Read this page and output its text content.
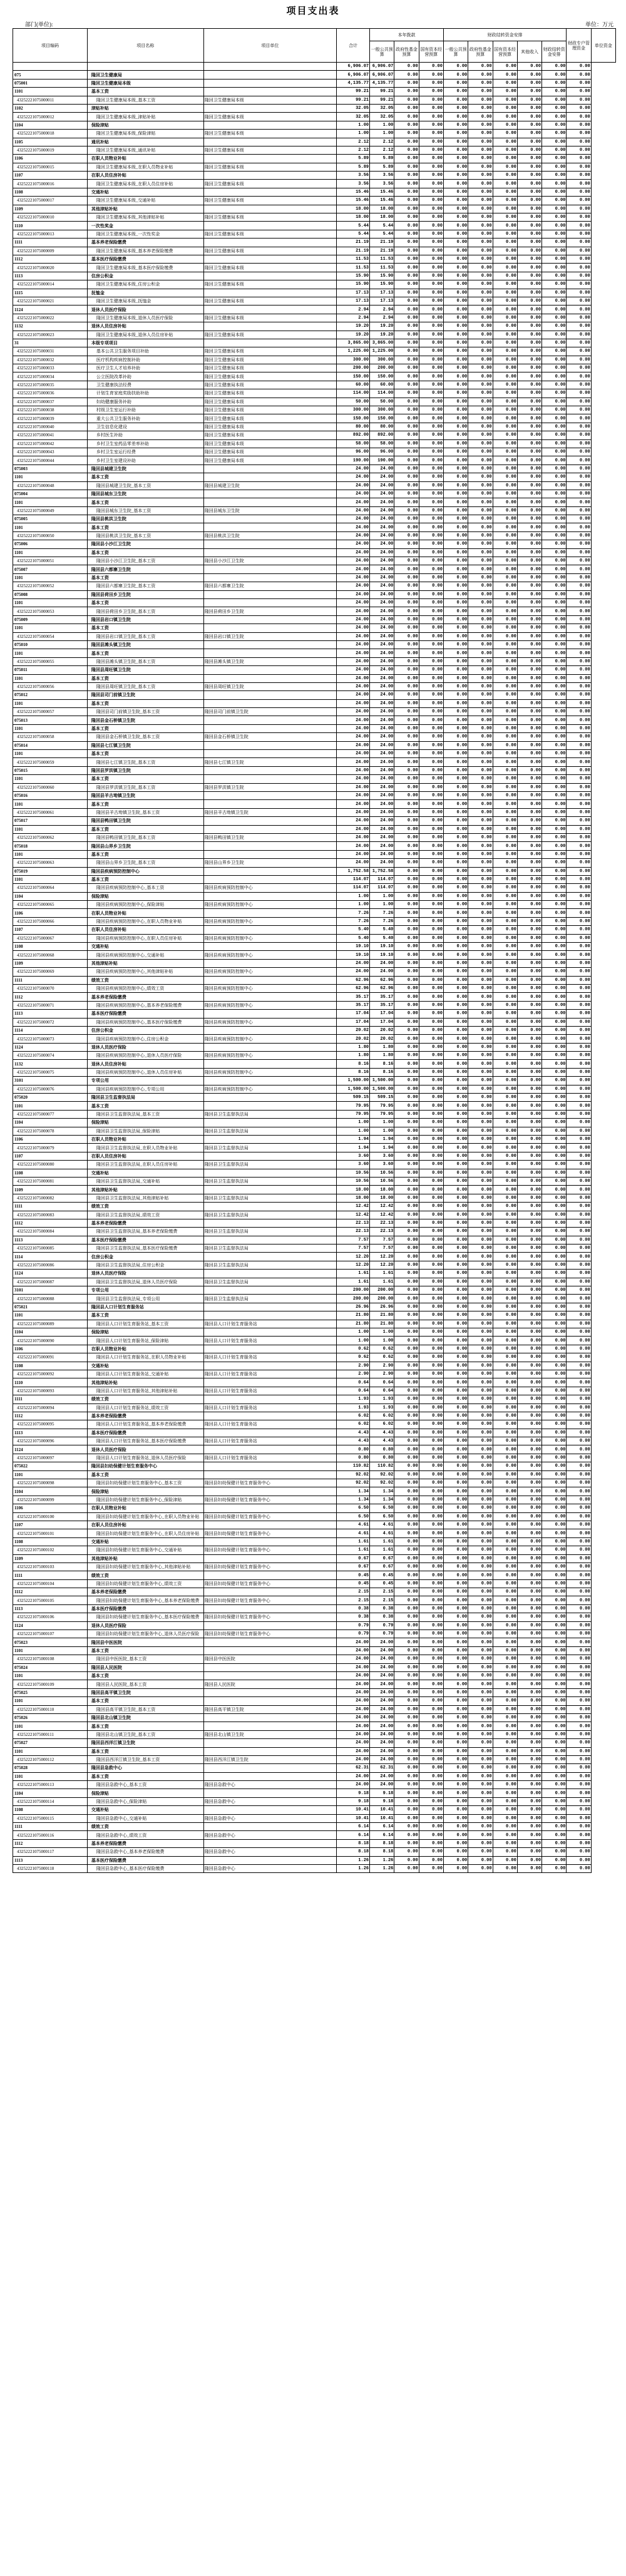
项目支出表
部门(单位):	单位：万元
项目编码	项目名称	项目单位	合计	本年拨款			财政结转资金安排					财政专户管理资金	单位资金
				一般公共预算	政府性基金预算	国有资本经营预算	一般公共预算	政府性基金预算	国有资本经营预算	其他收入	财政结转资金安排		
			6,906.07	6,906.07	0.00	0.00	0.00	0.00	0.00	0.00	0.00	0.00	
075	隆回卫生健康局		6,906.07	6,906.07	0.00	0.00	0.00	0.00	0.00	0.00	0.00	0.00	
075001	隆回卫生健康局本级		4,135.77	4,135.77	0.00	0.00	0.00	0.00	0.00	0.00	0.00	0.00	
1101	基本工资		99.21	99.21	0.00	0.00	0.00	0.00	0.00	0.00	0.00	0.00	
43252221075000011	隆回卫生健康局本级_基本工资	隆回卫生健康局本级	99.21	99.21	0.00	0.00	0.00	0.00	0.00	0.00	0.00	0.00	
1102	津贴补贴		32.05	32.05	0.00	0.00	0.00	0.00	0.00	0.00	0.00	0.00	
43252221075000012	隆回卫生健康局本级_津贴补贴	隆回卫生健康局本级	32.05	32.05	0.00	0.00	0.00	0.00	0.00	0.00	0.00	0.00	
1104	保险津贴		1.00	1.00	0.00	0.00	0.00	0.00	0.00	0.00	0.00	0.00	
43252221075000018	隆回卫生健康局本级_保险津贴	隆回卫生健康局本级	1.00	1.00	0.00	0.00	0.00	0.00	0.00	0.00	0.00	0.00	
1105	通讯补贴		2.12	2.12	0.00	0.00	0.00	0.00	0.00	0.00	0.00	0.00	
43252221075000019	隆回卫生健康局本级_通讯补贴	隆回卫生健康局本级	2.12	2.12	0.00	0.00	0.00	0.00	0.00	0.00	0.00	0.00	
1106	在职人员物业补贴		5.89	5.89	0.00	0.00	0.00	0.00	0.00	0.00	0.00	0.00	
43252221075000015	隆回卫生健康局本级_在职人员物业补贴	隆回卫生健康局本级	5.89	5.89	0.00	0.00	0.00	0.00	0.00	0.00	0.00	0.00	
1107	在职人员住房补贴		3.56	3.56	0.00	0.00	0.00	0.00	0.00	0.00	0.00	0.00	
43252221075000016	隆回卫生健康局本级_在职人员住房补贴	隆回卫生健康局本级	3.56	3.56	0.00	0.00	0.00	0.00	0.00	0.00	0.00	0.00	
1108	交通补贴		15.46	15.46	0.00	0.00	0.00	0.00	0.00	0.00	0.00	0.00	
43252221075000017	隆回卫生健康局本级_交通补贴	隆回卫生健康局本级	15.46	15.46	0.00	0.00	0.00	0.00	0.00	0.00	0.00	0.00	
1109	其他津贴补贴		18.00	18.00	0.00	0.00	0.00	0.00	0.00	0.00	0.00	0.00	
43252221075000010	隆回卫生健康局本级_其他津贴补贴	隆回卫生健康局本级	18.00	18.00	0.00	0.00	0.00	0.00	0.00	0.00	0.00	0.00	
1110	一次性奖金		5.44	5.44	0.00	0.00	0.00	0.00	0.00	0.00	0.00	0.00	
43252221075000013	隆回卫生健康局本级_一次性奖金	隆回卫生健康局本级	5.44	5.44	0.00	0.00	0.00	0.00	0.00	0.00	0.00	0.00	
1111	基本养老保险缴费		21.19	21.19	0.00	0.00	0.00	0.00	0.00	0.00	0.00	0.00	
43252221075000009	隆回卫生健康局本级_基本养老保险缴费	隆回卫生健康局本级	21.19	21.19	0.00	0.00	0.00	0.00	0.00	0.00	0.00	0.00	
1112	基本医疗保险缴费		11.53	11.53	0.00	0.00	0.00	0.00	0.00	0.00	0.00	0.00	
43252221075000020	隆回卫生健康局本级_基本医疗保险缴费	隆回卫生健康局本级	11.53	11.53	0.00	0.00	0.00	0.00	0.00	0.00	0.00	0.00	
1113	住房公积金		15.90	15.90	0.00	0.00	0.00	0.00	0.00	0.00	0.00	0.00	
43252221075000014	隆回卫生健康局本级_住房公积金	隆回卫生健康局本级	15.90	15.90	0.00	0.00	0.00	0.00	0.00	0.00	0.00	0.00	
1115	抚恤金		17.13	17.13	0.00	0.00	0.00	0.00	0.00	0.00	0.00	0.00	
43252221075000021	隆回卫生健康局本级_抚恤金	隆回卫生健康局本级	17.13	17.13	0.00	0.00	0.00	0.00	0.00	0.00	0.00	0.00	
1124	退休人员医疗保险		2.94	2.94	0.00	0.00	0.00	0.00	0.00	0.00	0.00	0.00	
43252221075000022	隆回卫生健康局本级_退休人员医疗保险	隆回卫生健康局本级	2.94	2.94	0.00	0.00	0.00	0.00	0.00	0.00	0.00	0.00	
1132	退休人员住房补贴		19.20	19.20	0.00	0.00	0.00	0.00	0.00	0.00	0.00	0.00	
43252221075000023	隆回卫生健康局本级_退休人员住房补贴	隆回卫生健康局本级	19.20	19.20	0.00	0.00	0.00	0.00	0.00	0.00	0.00	0.00	
31	本级专项项目		3,865.00	3,865.00	0.00	0.00	0.00	0.00	0.00	0.00	0.00	0.00	
43252221075000031	基本公共卫生服务项目补助	隆回卫生健康局本级	1,225.00	1,225.00	0.00	0.00	0.00	0.00	0.00	0.00	0.00	0.00	
43252221075000032	医疗机构疾病控制补助	隆回卫生健康局本级	300.00	300.00	0.00	0.00	0.00	0.00	0.00	0.00	0.00	0.00	
43252221075000033	医疗卫生人才培养补助	隆回卫生健康局本级	200.00	200.00	0.00	0.00	0.00	0.00	0.00	0.00	0.00	0.00	
43252221075000034	公立医院改革补助	隆回卫生健康局本级	150.00	150.00	0.00	0.00	0.00	0.00	0.00	0.00	0.00	0.00	
43252221075000035	卫生健康执法经费	隆回卫生健康局本级	60.00	60.00	0.00	0.00	0.00	0.00	0.00	0.00	0.00	0.00	
43252221075000036	计划生育家庭奖励扶助补助	隆回卫生健康局本级	114.00	114.00	0.00	0.00	0.00	0.00	0.00	0.00	0.00	0.00	
43252221075000037	妇幼健康服务补助	隆回卫生健康局本级	50.00	50.00	0.00	0.00	0.00	0.00	0.00	0.00	0.00	0.00	
43252221075000038	村级卫生室运行补助	隆回卫生健康局本级	300.00	300.00	0.00	0.00	0.00	0.00	0.00	0.00	0.00	0.00	
43252221075000039	重大公共卫生服务补助	隆回卫生健康局本级	150.00	150.00	0.00	0.00	0.00	0.00	0.00	0.00	0.00	0.00	
43252221075000040	卫生信息化建设	隆回卫生健康局本级	80.00	80.00	0.00	0.00	0.00	0.00	0.00	0.00	0.00	0.00	
43252221075000041	乡村医生补助	隆回卫生健康局本级	892.00	892.00	0.00	0.00	0.00	0.00	0.00	0.00	0.00	0.00	
43252221075000042	乡村卫生室药品零差率补助	隆回卫生健康局本级	58.00	58.00	0.00	0.00	0.00	0.00	0.00	0.00	0.00	0.00	
43252221075000043	乡村卫生室运行经费	隆回卫生健康局本级	96.00	96.00	0.00	0.00	0.00	0.00	0.00	0.00	0.00	0.00	
43252221075000044	乡村卫生室建设补助	隆回卫生健康局本级	190.00	190.00	0.00	0.00	0.00	0.00	0.00	0.00	0.00	0.00	
075003	隆回县城建卫生院		24.00	24.00	0.00	0.00	0.00	0.00	0.00	0.00	0.00	0.00	
1101	基本工资		24.00	24.00	0.00	0.00	0.00	0.00	0.00	0.00	0.00	0.00	
43252221075000048	隆回县城建卫生院_基本工资	隆回县城建卫生院	24.00	24.00	0.00	0.00	0.00	0.00	0.00	0.00	0.00	0.00	
075004	隆回县城东卫生院		24.00	24.00	0.00	0.00	0.00	0.00	0.00	0.00	0.00	0.00	
1101	基本工资		24.00	24.00	0.00	0.00	0.00	0.00	0.00	0.00	0.00	0.00	
43252221075000049	隆回县城东卫生院_基本工资	隆回县城东卫生院	24.00	24.00	0.00	0.00	0.00	0.00	0.00	0.00	0.00	0.00	
075005	隆回县桃洪卫生院		24.00	24.00	0.00	0.00	0.00	0.00	0.00	0.00	0.00	0.00	
1101	基本工资		24.00	24.00	0.00	0.00	0.00	0.00	0.00	0.00	0.00	0.00	
43252221075000050	隆回县桃洪卫生院_基本工资	隆回县桃洪卫生院	24.00	24.00	0.00	0.00	0.00	0.00	0.00	0.00	0.00	0.00	
075006	隆回县小沙江卫生院		24.00	24.00	0.00	0.00	0.00	0.00	0.00	0.00	0.00	0.00	
1101	基本工资		24.00	24.00	0.00	0.00	0.00	0.00	0.00	0.00	0.00	0.00	
43252221075000051	隆回县小沙江卫生院_基本工资	隆回县小沙江卫生院	24.00	24.00	0.00	0.00	0.00	0.00	0.00	0.00	0.00	0.00	
075007	隆回县六都寨卫生院		24.00	24.00	0.00	0.00	0.00	0.00	0.00	0.00	0.00	0.00	
1101	基本工资		24.00	24.00	0.00	0.00	0.00	0.00	0.00	0.00	0.00	0.00	
43252221075000052	隆回县六都寨卫生院_基本工资	隆回县六都寨卫生院	24.00	24.00	0.00	0.00	0.00	0.00	0.00	0.00	0.00	0.00	
075008	隆回县荷田乡卫生院		24.00	24.00	0.00	0.00	0.00	0.00	0.00	0.00	0.00	0.00	
1101	基本工资		24.00	24.00	0.00	0.00	0.00	0.00	0.00	0.00	0.00	0.00	
43252221075000053	隆回县荷田乡卫生院_基本工资	隆回县荷田乡卫生院	24.00	24.00	0.00	0.00	0.00	0.00	0.00	0.00	0.00	0.00	
075009	隆回县岩口镇卫生院		24.00	24.00	0.00	0.00	0.00	0.00	0.00	0.00	0.00	0.00	
1101	基本工资		24.00	24.00	0.00	0.00	0.00	0.00	0.00	0.00	0.00	0.00	
43252221075000054	隆回县岩口镇卫生院_基本工资	隆回县岩口镇卫生院	24.00	24.00	0.00	0.00	0.00	0.00	0.00	0.00	0.00	0.00	
075010	隆回县滩头镇卫生院		24.00	24.00	0.00	0.00	0.00	0.00	0.00	0.00	0.00	0.00	
1101	基本工资		24.00	24.00	0.00	0.00	0.00	0.00	0.00	0.00	0.00	0.00	
43252221075000055	隆回县滩头镇卫生院_基本工资	隆回县滩头镇卫生院	24.00	24.00	0.00	0.00	0.00	0.00	0.00	0.00	0.00	0.00	
075011	隆回县周旺镇卫生院		24.00	24.00	0.00	0.00	0.00	0.00	0.00	0.00	0.00	0.00	
1101	基本工资		24.00	24.00	0.00	0.00	0.00	0.00	0.00	0.00	0.00	0.00	
43252221075000056	隆回县周旺镇卫生院_基本工资	隆回县周旺镇卫生院	24.00	24.00	0.00	0.00	0.00	0.00	0.00	0.00	0.00	0.00	
075012	隆回县司门前镇卫生院		24.00	24.00	0.00	0.00	0.00	0.00	0.00	0.00	0.00	0.00	
1101	基本工资		24.00	24.00	0.00	0.00	0.00	0.00	0.00	0.00	0.00	0.00	
43252221075000057	隆回县司门前镇卫生院_基本工资	隆回县司门前镇卫生院	24.00	24.00	0.00	0.00	0.00	0.00	0.00	0.00	0.00	0.00	
075013	隆回县金石桥镇卫生院		24.00	24.00	0.00	0.00	0.00	0.00	0.00	0.00	0.00	0.00	
1101	基本工资		24.00	24.00	0.00	0.00	0.00	0.00	0.00	0.00	0.00	0.00	
43252221075000058	隆回县金石桥镇卫生院_基本工资	隆回县金石桥镇卫生院	24.00	24.00	0.00	0.00	0.00	0.00	0.00	0.00	0.00	0.00	
075014	隆回县七江镇卫生院		24.00	24.00	0.00	0.00	0.00	0.00	0.00	0.00	0.00	0.00	
1101	基本工资		24.00	24.00	0.00	0.00	0.00	0.00	0.00	0.00	0.00	0.00	
43252221075000059	隆回县七江镇卫生院_基本工资	隆回县七江镇卫生院	24.00	24.00	0.00	0.00	0.00	0.00	0.00	0.00	0.00	0.00	
075015	隆回县罗洪镇卫生院		24.00	24.00	0.00	0.00	0.00	0.00	0.00	0.00	0.00	0.00	
1101	基本工资		24.00	24.00	0.00	0.00	0.00	0.00	0.00	0.00	0.00	0.00	
43252221075000060	隆回县罗洪镇卫生院_基本工资	隆回县罗洪镇卫生院	24.00	24.00	0.00	0.00	0.00	0.00	0.00	0.00	0.00	0.00	
075016	隆回县羊古坳镇卫生院		24.00	24.00	0.00	0.00	0.00	0.00	0.00	0.00	0.00	0.00	
1101	基本工资		24.00	24.00	0.00	0.00	0.00	0.00	0.00	0.00	0.00	0.00	
43252221075000061	隆回县羊古坳镇卫生院_基本工资	隆回县羊古坳镇卫生院	24.00	24.00	0.00	0.00	0.00	0.00	0.00	0.00	0.00	0.00	
075017	隆回县鸭田镇卫生院		24.00	24.00	0.00	0.00	0.00	0.00	0.00	0.00	0.00	0.00	
1101	基本工资		24.00	24.00	0.00	0.00	0.00	0.00	0.00	0.00	0.00	0.00	
43252221075000062	隆回县鸭田镇卫生院_基本工资	隆回县鸭田镇卫生院	24.00	24.00	0.00	0.00	0.00	0.00	0.00	0.00	0.00	0.00	
075018	隆回县山界乡卫生院		24.00	24.00	0.00	0.00	0.00	0.00	0.00	0.00	0.00	0.00	
1101	基本工资		24.00	24.00	0.00	0.00	0.00	0.00	0.00	0.00	0.00	0.00	
43252221075000063	隆回县山界乡卫生院_基本工资	隆回县山界乡卫生院	24.00	24.00	0.00	0.00	0.00	0.00	0.00	0.00	0.00	0.00	
075019	隆回县疾病预防控制中心		1,752.58	1,752.58	0.00	0.00	0.00	0.00	0.00	0.00	0.00	0.00	
1101	基本工资		114.07	114.07	0.00	0.00	0.00	0.00	0.00	0.00	0.00	0.00	
43252221075000064	隆回县疾病预防控制中心_基本工资	隆回县疾病预防控制中心	114.07	114.07	0.00	0.00	0.00	0.00	0.00	0.00	0.00	0.00	
1104	保险津贴		1.00	1.00	0.00	0.00	0.00	0.00	0.00	0.00	0.00	0.00	
43252221075000065	隆回县疾病预防控制中心_保险津贴	隆回县疾病预防控制中心	1.00	1.00	0.00	0.00	0.00	0.00	0.00	0.00	0.00	0.00	
1106	在职人员物业补贴		7.26	7.26	0.00	0.00	0.00	0.00	0.00	0.00	0.00	0.00	
43252221075000066	隆回县疾病预防控制中心_在职人员物业补贴	隆回县疾病预防控制中心	7.26	7.26	0.00	0.00	0.00	0.00	0.00	0.00	0.00	0.00	
1107	在职人员住房补贴		5.40	5.40	0.00	0.00	0.00	0.00	0.00	0.00	0.00	0.00	
43252221075000067	隆回县疾病预防控制中心_在职人员住房补贴	隆回县疾病预防控制中心	5.40	5.40	0.00	0.00	0.00	0.00	0.00	0.00	0.00	0.00	
1108	交通补贴		19.10	19.10	0.00	0.00	0.00	0.00	0.00	0.00	0.00	0.00	
43252221075000068	隆回县疾病预防控制中心_交通补贴	隆回县疾病预防控制中心	19.10	19.10	0.00	0.00	0.00	0.00	0.00	0.00	0.00	0.00	
1109	其他津贴补贴		24.00	24.00	0.00	0.00	0.00	0.00	0.00	0.00	0.00	0.00	
43252221075000069	隆回县疾病预防控制中心_其他津贴补贴	隆回县疾病预防控制中心	24.00	24.00	0.00	0.00	0.00	0.00	0.00	0.00	0.00	0.00	
1111	绩效工资		62.96	62.96	0.00	0.00	0.00	0.00	0.00	0.00	0.00	0.00	
43252221075000070	隆回县疾病预防控制中心_绩效工资	隆回县疾病预防控制中心	62.96	62.96	0.00	0.00	0.00	0.00	0.00	0.00	0.00	0.00	
1112	基本养老保险缴费		35.17	35.17	0.00	0.00	0.00	0.00	0.00	0.00	0.00	0.00	
43252221075000071	隆回县疾病预防控制中心_基本养老保险缴费	隆回县疾病预防控制中心	35.17	35.17	0.00	0.00	0.00	0.00	0.00	0.00	0.00	0.00	
1113	基本医疗保险缴费		17.04	17.04	0.00	0.00	0.00	0.00	0.00	0.00	0.00	0.00	
43252221075000072	隆回县疾病预防控制中心_基本医疗保险缴费	隆回县疾病预防控制中心	17.04	17.04	0.00	0.00	0.00	0.00	0.00	0.00	0.00	0.00	
1114	住房公积金		20.02	20.02	0.00	0.00	0.00	0.00	0.00	0.00	0.00	0.00	
43252221075000073	隆回县疾病预防控制中心_住房公积金	隆回县疾病预防控制中心	20.02	20.02	0.00	0.00	0.00	0.00	0.00	0.00	0.00	0.00	
1124	退休人员医疗保险		1.80	1.80	0.00	0.00	0.00	0.00	0.00	0.00	0.00	0.00	
43252221075000074	隆回县疾病预防控制中心_退休人员医疗保险	隆回县疾病预防控制中心	1.80	1.80	0.00	0.00	0.00	0.00	0.00	0.00	0.00	0.00	
1132	退休人员住房补贴		8.16	8.16	0.00	0.00	0.00	0.00	0.00	0.00	0.00	0.00	
43252221075000075	隆回县疾病预防控制中心_退休人员住房补贴	隆回县疾病预防控制中心	8.16	8.16	0.00	0.00	0.00	0.00	0.00	0.00	0.00	0.00	
3101	专项公用		1,500.00	1,500.00	0.00	0.00	0.00	0.00	0.00	0.00	0.00	0.00	
43252221075000076	隆回县疾病预防控制中心_专项公用	隆回县疾病预防控制中心	1,500.00	1,500.00	0.00	0.00	0.00	0.00	0.00	0.00	0.00	0.00	
075020	隆回县卫生监督执法局		509.15	509.15	0.00	0.00	0.00	0.00	0.00	0.00	0.00	0.00	
1101	基本工资		79.95	79.95	0.00	0.00	0.00	0.00	0.00	0.00	0.00	0.00	
43252221075000077	隆回县卫生监督执法局_基本工资	隆回县卫生监督执法局	79.95	79.95	0.00	0.00	0.00	0.00	0.00	0.00	0.00	0.00	
1104	保险津贴		1.00	1.00	0.00	0.00	0.00	0.00	0.00	0.00	0.00	0.00	
43252221075000078	隆回县卫生监督执法局_保险津贴	隆回县卫生监督执法局	1.00	1.00	0.00	0.00	0.00	0.00	0.00	0.00	0.00	0.00	
1106	在职人员物业补贴		1.94	1.94	0.00	0.00	0.00	0.00	0.00	0.00	0.00	0.00	
43252221075000079	隆回县卫生监督执法局_在职人员物业补贴	隆回县卫生监督执法局	1.94	1.94	0.00	0.00	0.00	0.00	0.00	0.00	0.00	0.00	
1107	在职人员住房补贴		3.60	3.60	0.00	0.00	0.00	0.00	0.00	0.00	0.00	0.00	
43252221075000080	隆回县卫生监督执法局_在职人员住房补贴	隆回县卫生监督执法局	3.60	3.60	0.00	0.00	0.00	0.00	0.00	0.00	0.00	0.00	
1108	交通补贴		10.56	10.56	0.00	0.00	0.00	0.00	0.00	0.00	0.00	0.00	
43252221075000081	隆回县卫生监督执法局_交通补贴	隆回县卫生监督执法局	10.56	10.56	0.00	0.00	0.00	0.00	0.00	0.00	0.00	0.00	
1109	其他津贴补贴		18.00	18.00	0.00	0.00	0.00	0.00	0.00	0.00	0.00	0.00	
43252221075000082	隆回县卫生监督执法局_其他津贴补贴	隆回县卫生监督执法局	18.00	18.00	0.00	0.00	0.00	0.00	0.00	0.00	0.00	0.00	
1111	绩效工资		12.42	12.42	0.00	0.00	0.00	0.00	0.00	0.00	0.00	0.00	
43252221075000083	隆回县卫生监督执法局_绩效工资	隆回县卫生监督执法局	12.42	12.42	0.00	0.00	0.00	0.00	0.00	0.00	0.00	0.00	
1112	基本养老保险缴费		22.13	22.13	0.00	0.00	0.00	0.00	0.00	0.00	0.00	0.00	
43252221075000084	隆回县卫生监督执法局_基本养老保险缴费	隆回县卫生监督执法局	22.13	22.13	0.00	0.00	0.00	0.00	0.00	0.00	0.00	0.00	
1113	基本医疗保险缴费		7.57	7.57	0.00	0.00	0.00	0.00	0.00	0.00	0.00	0.00	
43252221075000085	隆回县卫生监督执法局_基本医疗保险缴费	隆回县卫生监督执法局	7.57	7.57	0.00	0.00	0.00	0.00	0.00	0.00	0.00	0.00	
1114	住房公积金		12.20	12.20	0.00	0.00	0.00	0.00	0.00	0.00	0.00	0.00	
43252221075000086	隆回县卫生监督执法局_住房公积金	隆回县卫生监督执法局	12.20	12.20	0.00	0.00	0.00	0.00	0.00	0.00	0.00	0.00	
1124	退休人员医疗保险		1.61	1.61	0.00	0.00	0.00	0.00	0.00	0.00	0.00	0.00	
43252221075000087	隆回县卫生监督执法局_退休人员医疗保险	隆回县卫生监督执法局	1.61	1.61	0.00	0.00	0.00	0.00	0.00	0.00	0.00	0.00	
3101	专项公用		200.00	200.00	0.00	0.00	0.00	0.00	0.00	0.00	0.00	0.00	
43252221075000088	隆回县卫生监督执法局_专项公用	隆回县卫生监督执法局	200.00	200.00	0.00	0.00	0.00	0.00	0.00	0.00	0.00	0.00	
075021	隆回县人口计划生育服务站		26.96	26.96	0.00	0.00	0.00	0.00	0.00	0.00	0.00	0.00	
1101	基本工资		21.80	21.80	0.00	0.00	0.00	0.00	0.00	0.00	0.00	0.00	
43252221075000089	隆回县人口计划生育服务站_基本工资	隆回县人口计划生育服务站	21.80	21.80	0.00	0.00	0.00	0.00	0.00	0.00	0.00	0.00	
1104	保险津贴		1.00	1.00	0.00	0.00	0.00	0.00	0.00	0.00	0.00	0.00	
43252221075000090	隆回县人口计划生育服务站_保险津贴	隆回县人口计划生育服务站	1.00	1.00	0.00	0.00	0.00	0.00	0.00	0.00	0.00	0.00	
1106	在职人员物业补贴		0.62	0.62	0.00	0.00	0.00	0.00	0.00	0.00	0.00	0.00	
43252221075000091	隆回县人口计划生育服务站_在职人员物业补贴	隆回县人口计划生育服务站	0.62	0.62	0.00	0.00	0.00	0.00	0.00	0.00	0.00	0.00	
1108	交通补贴		2.90	2.90	0.00	0.00	0.00	0.00	0.00	0.00	0.00	0.00	
43252221075000092	隆回县人口计划生育服务站_交通补贴	隆回县人口计划生育服务站	2.90	2.90	0.00	0.00	0.00	0.00	0.00	0.00	0.00	0.00	
1110	其他津贴补贴		0.64	0.64	0.00	0.00	0.00	0.00	0.00	0.00	0.00	0.00	
43252221075000093	隆回县人口计划生育服务站_其他津贴补贴	隆回县人口计划生育服务站	0.64	0.64	0.00	0.00	0.00	0.00	0.00	0.00	0.00	0.00	
1111	绩效工资		1.93	1.93	0.00	0.00	0.00	0.00	0.00	0.00	0.00	0.00	
43252221075000094	隆回县人口计划生育服务站_绩效工资	隆回县人口计划生育服务站	1.93	1.93	0.00	0.00	0.00	0.00	0.00	0.00	0.00	0.00	
1112	基本养老保险缴费		6.02	6.02	0.00	0.00	0.00	0.00	0.00	0.00	0.00	0.00	
43252221075000095	隆回县人口计划生育服务站_基本养老保险缴费	隆回县人口计划生育服务站	6.02	6.02	0.00	0.00	0.00	0.00	0.00	0.00	0.00	0.00	
1113	基本医疗保险缴费		4.43	4.43	0.00	0.00	0.00	0.00	0.00	0.00	0.00	0.00	
43252221075000096	隆回县人口计划生育服务站_基本医疗保险缴费	隆回县人口计划生育服务站	4.43	4.43	0.00	0.00	0.00	0.00	0.00	0.00	0.00	0.00	
1124	退休人员医疗保险		0.80	0.80	0.00	0.00	0.00	0.00	0.00	0.00	0.00	0.00	
43252221075000097	隆回县人口计划生育服务站_退休人员医疗保险	隆回县人口计划生育服务站	0.80	0.80	0.00	0.00	0.00	0.00	0.00	0.00	0.00	0.00	
075022	隆回县妇幼保健计划生育服务中心		110.82	110.82	0.00	0.00	0.00	0.00	0.00	0.00	0.00	0.00	
1101	基本工资		92.02	92.02	0.00	0.00	0.00	0.00	0.00	0.00	0.00	0.00	
43252221075000098	隆回县妇幼保健计划生育服务中心_基本工资	隆回县妇幼保健计划生育服务中心	92.02	92.02	0.00	0.00	0.00	0.00	0.00	0.00	0.00	0.00	
1104	保险津贴		1.34	1.34	0.00	0.00	0.00	0.00	0.00	0.00	0.00	0.00	
43252221075000099	隆回县妇幼保健计划生育服务中心_保险津贴	隆回县妇幼保健计划生育服务中心	1.34	1.34	0.00	0.00	0.00	0.00	0.00	0.00	0.00	0.00	
1106	在职人员物业补贴		6.50	6.50	0.00	0.00	0.00	0.00	0.00	0.00	0.00	0.00	
43252221075000100	隆回县妇幼保健计划生育服务中心_在职人员物业补贴	隆回县妇幼保健计划生育服务中心	6.50	6.50	0.00	0.00	0.00	0.00	0.00	0.00	0.00	0.00	
1107	在职人员住房补贴		4.61	4.61	0.00	0.00	0.00	0.00	0.00	0.00	0.00	0.00	
43252221075000101	隆回县妇幼保健计划生育服务中心_在职人员住房补贴	隆回县妇幼保健计划生育服务中心	4.61	4.61	0.00	0.00	0.00	0.00	0.00	0.00	0.00	0.00	
1108	交通补贴		1.61	1.61	0.00	0.00	0.00	0.00	0.00	0.00	0.00	0.00	
43252221075000102	隆回县妇幼保健计划生育服务中心_交通补贴	隆回县妇幼保健计划生育服务中心	1.61	1.61	0.00	0.00	0.00	0.00	0.00	0.00	0.00	0.00	
1109	其他津贴补贴		0.67	0.67	0.00	0.00	0.00	0.00	0.00	0.00	0.00	0.00	
43252221075000103	隆回县妇幼保健计划生育服务中心_其他津贴补贴	隆回县妇幼保健计划生育服务中心	0.67	0.67	0.00	0.00	0.00	0.00	0.00	0.00	0.00	0.00	
1111	绩效工资		0.45	0.45	0.00	0.00	0.00	0.00	0.00	0.00	0.00	0.00	
43252221075000104	隆回县妇幼保健计划生育服务中心_绩效工资	隆回县妇幼保健计划生育服务中心	0.45	0.45	0.00	0.00	0.00	0.00	0.00	0.00	0.00	0.00	
1112	基本养老保险缴费		2.15	2.15	0.00	0.00	0.00	0.00	0.00	0.00	0.00	0.00	
43252221075000105	隆回县妇幼保健计划生育服务中心_基本养老保险缴费	隆回县妇幼保健计划生育服务中心	2.15	2.15	0.00	0.00	0.00	0.00	0.00	0.00	0.00	0.00	
1113	基本医疗保险缴费		0.38	0.38	0.00	0.00	0.00	0.00	0.00	0.00	0.00	0.00	
43252221075000106	隆回县妇幼保健计划生育服务中心_基本医疗保险缴费	隆回县妇幼保健计划生育服务中心	0.38	0.38	0.00	0.00	0.00	0.00	0.00	0.00	0.00	0.00	
1124	退休人员医疗保险		0.79	0.79	0.00	0.00	0.00	0.00	0.00	0.00	0.00	0.00	
43252221075000107	隆回县妇幼保健计划生育服务中心_退休人员医疗保险	隆回县妇幼保健计划生育服务中心	0.79	0.79	0.00	0.00	0.00	0.00	0.00	0.00	0.00	0.00	
075023	隆回县中医医院		24.00	24.00	0.00	0.00	0.00	0.00	0.00	0.00	0.00	0.00	
1101	基本工资		24.00	24.00	0.00	0.00	0.00	0.00	0.00	0.00	0.00	0.00	
43252221075000108	隆回县中医医院_基本工资	隆回县中医医院	24.00	24.00	0.00	0.00	0.00	0.00	0.00	0.00	0.00	0.00	
075024	隆回县人民医院		24.00	24.00	0.00	0.00	0.00	0.00	0.00	0.00	0.00	0.00	
1101	基本工资		24.00	24.00	0.00	0.00	0.00	0.00	0.00	0.00	0.00	0.00	
43252221075000109	隆回县人民医院_基本工资	隆回县人民医院	24.00	24.00	0.00	0.00	0.00	0.00	0.00	0.00	0.00	0.00	
075025	隆回县高平镇卫生院		24.00	24.00	0.00	0.00	0.00	0.00	0.00	0.00	0.00	0.00	
1101	基本工资		24.00	24.00	0.00	0.00	0.00	0.00	0.00	0.00	0.00	0.00	
43252221075000110	隆回县高平镇卫生院_基本工资	隆回县高平镇卫生院	24.00	24.00	0.00	0.00	0.00	0.00	0.00	0.00	0.00	0.00	
075026	隆回县北山镇卫生院		24.00	24.00	0.00	0.00	0.00	0.00	0.00	0.00	0.00	0.00	
1101	基本工资		24.00	24.00	0.00	0.00	0.00	0.00	0.00	0.00	0.00	0.00	
43252221075000111	隆回县北山镇卫生院_基本工资	隆回县北山镇卫生院	24.00	24.00	0.00	0.00	0.00	0.00	0.00	0.00	0.00	0.00	
075027	隆回县西洋江镇卫生院		24.00	24.00	0.00	0.00	0.00	0.00	0.00	0.00	0.00	0.00	
1101	基本工资		24.00	24.00	0.00	0.00	0.00	0.00	0.00	0.00	0.00	0.00	
43252221075000112	隆回县西洋江镇卫生院_基本工资	隆回县西洋江镇卫生院	24.00	24.00	0.00	0.00	0.00	0.00	0.00	0.00	0.00	0.00	
075028	隆回县急救中心		62.31	62.31	0.00	0.00	0.00	0.00	0.00	0.00	0.00	0.00	
1101	基本工资		24.00	24.00	0.00	0.00	0.00	0.00	0.00	0.00	0.00	0.00	
43252221075000113	隆回县急救中心_基本工资	隆回县急救中心	24.00	24.00	0.00	0.00	0.00	0.00	0.00	0.00	0.00	0.00	
1104	保险津贴		9.18	9.18	0.00	0.00	0.00	0.00	0.00	0.00	0.00	0.00	
43252221075000114	隆回县急救中心_保险津贴	隆回县急救中心	9.18	9.18	0.00	0.00	0.00	0.00	0.00	0.00	0.00	0.00	
1108	交通补贴		10.41	10.41	0.00	0.00	0.00	0.00	0.00	0.00	0.00	0.00	
43252221075000115	隆回县急救中心_交通补贴	隆回县急救中心	10.41	10.41	0.00	0.00	0.00	0.00	0.00	0.00	0.00	0.00	
1111	绩效工资		6.14	6.14	0.00	0.00	0.00	0.00	0.00	0.00	0.00	0.00	
43252221075000116	隆回县急救中心_绩效工资	隆回县急救中心	6.14	6.14	0.00	0.00	0.00	0.00	0.00	0.00	0.00	0.00	
1112	基本养老保险缴费		8.18	8.18	0.00	0.00	0.00	0.00	0.00	0.00	0.00	0.00	
43252221075000117	隆回县急救中心_基本养老保险缴费	隆回县急救中心	8.18	8.18	0.00	0.00	0.00	0.00	0.00	0.00	0.00	0.00	
1113	基本医疗保险缴费		1.26	1.26	0.00	0.00	0.00	0.00	0.00	0.00	0.00	0.00	
43252221075000118	隆回县急救中心_基本医疗保险缴费	隆回县急救中心	1.26	1.26	0.00	0.00	0.00	0.00	0.00	0.00	0.00	0.00	
